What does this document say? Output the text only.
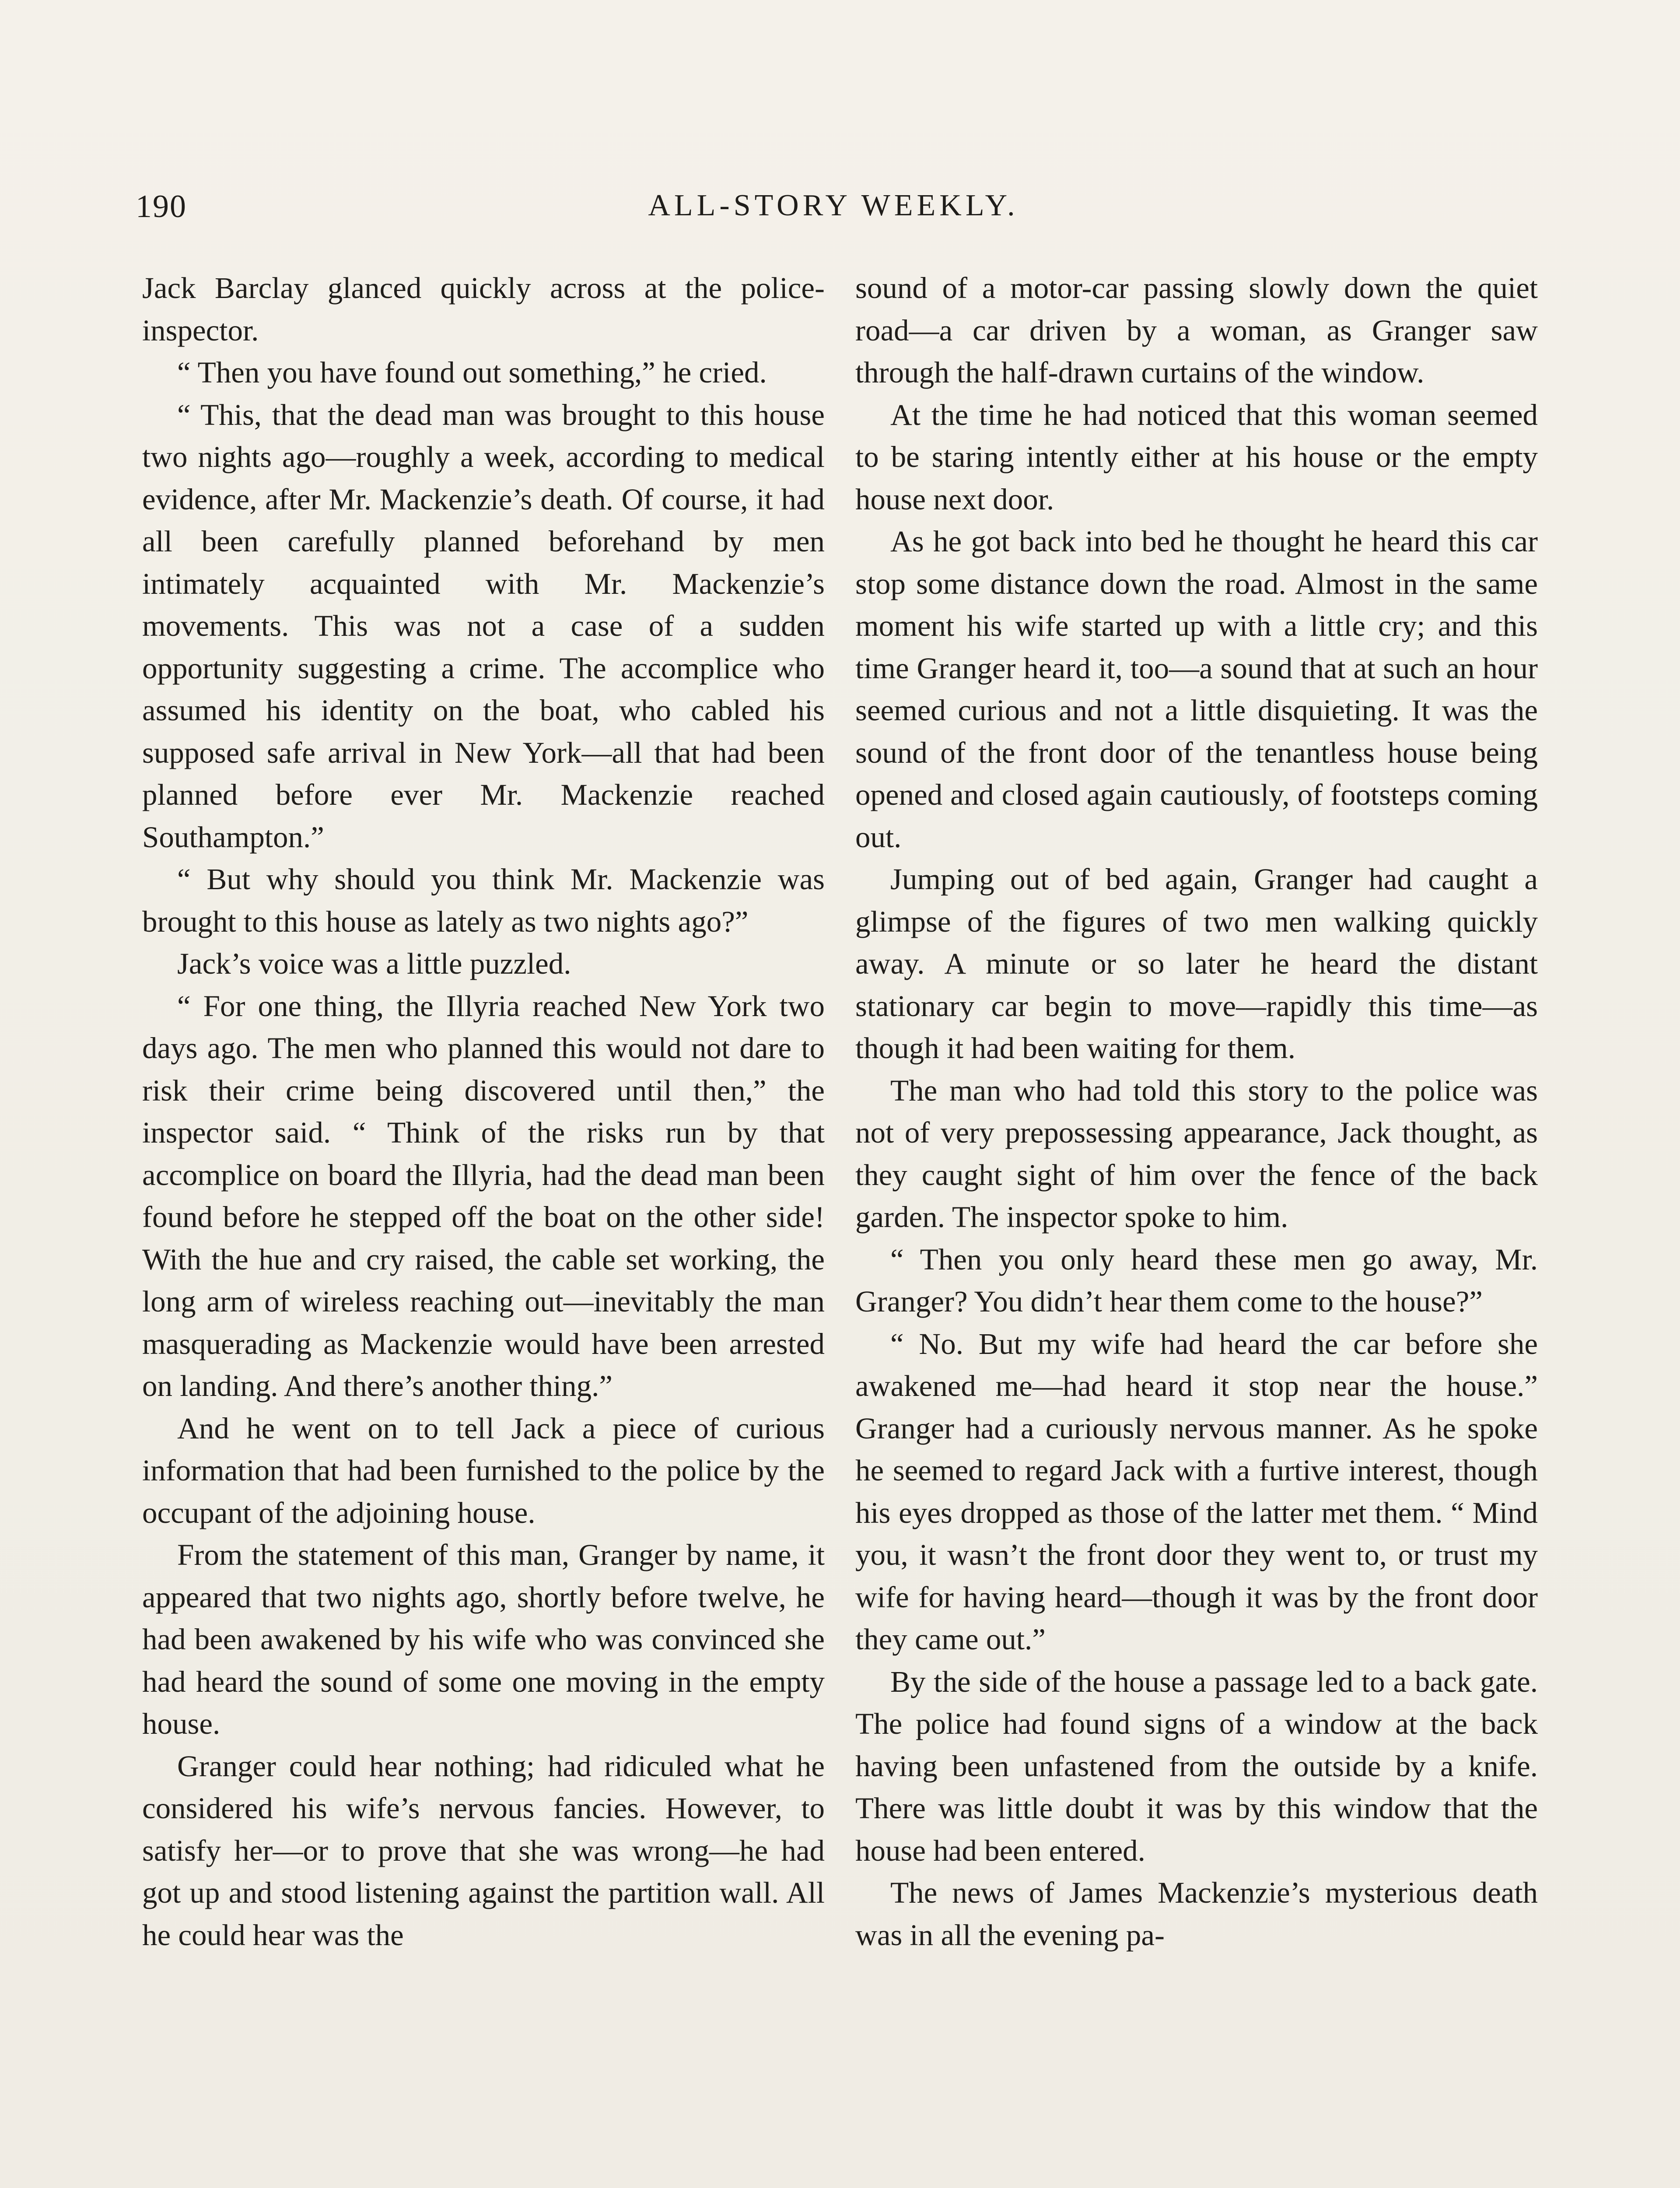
190	ALL-STORY WEEKLY.

Jack Barclay glanced quickly across at the police-inspector.

“ Then you have found out something,” he cried.

“ This, that the dead man was brought to this house two nights ago—roughly a week, according to medical evidence, after Mr. Mackenzie’s death. Of course, it had all been carefully planned beforehand by men intimately acquainted with Mr. Mackenzie’s movements. This was not a case of a sudden opportunity suggesting a crime. The accomplice who assumed his identity on the boat, who cabled his supposed safe arrival in New York—all that had been planned before ever Mr. Mackenzie reached Southampton.”

“ But why should you think Mr. Mackenzie was brought to this house as lately as two nights ago?”

Jack’s voice was a little puzzled.

“ For one thing, the Illyria reached New York two days ago. The men who planned this would not dare to risk their crime being discovered until then,” the inspector said. “ Think of the risks run by that accomplice on board the Illyria, had the dead man been found before he stepped off the boat on the other side! With the hue and cry raised, the cable set working, the long arm of wireless reaching out—inevitably the man masquerading as Mackenzie would have been arrested on landing. And there’s another thing.”

And he went on to tell Jack a piece of curious information that had been furnished to the police by the occupant of the adjoining house.

From the statement of this man, Granger by name, it appeared that two nights ago, shortly before twelve, he had been awakened by his wife who was convinced she had heard the sound of some one moving in the empty house.

Granger could hear nothing; had ridiculed what he considered his wife’s nervous fancies. However, to satisfy her—or to prove that she was wrong—he had got up and stood listening against the partition wall. All he could hear was the

sound of a motor-car passing slowly down the quiet road—a car driven by a woman, as Granger saw through the half-drawn curtains of the window.

At the time he had noticed that this woman seemed to be staring intently either at his house or the empty house next door.

As he got back into bed he thought he heard this car stop some distance down the road. Almost in the same moment his wife started up with a little cry; and this time Granger heard it, too—a sound that at such an hour seemed curious and not a little disquieting. It was the sound of the front door of the tenantless house being opened and closed again cautiously, of footsteps coming out.

Jumping out of bed again, Granger had caught a glimpse of the figures of two men walking quickly away. A minute or so later he heard the distant stationary car begin to move—rapidly this time—as though it had been waiting for them.

The man who had told this story to the police was not of very prepossessing appearance, Jack thought, as they caught sight of him over the fence of the back garden. The inspector spoke to him.

“ Then you only heard these men go away, Mr. Granger? You didn’t hear them come to the house?”

“ No. But my wife had heard the car before she awakened me—had heard it stop near the house.” Granger had a curiously nervous manner. As he spoke he seemed to regard Jack with a furtive interest, though his eyes dropped as those of the latter met them. “ Mind you, it wasn’t the front door they went to, or trust my wife for having heard—though it was by the front door they came out.”

By the side of the house a passage led to a back gate. The police had found signs of a window at the back having been unfastened from the outside by a knife. There was little doubt it was by this window that the house had been entered.

The news of James Mackenzie’s mysterious death was in all the evening pa-
